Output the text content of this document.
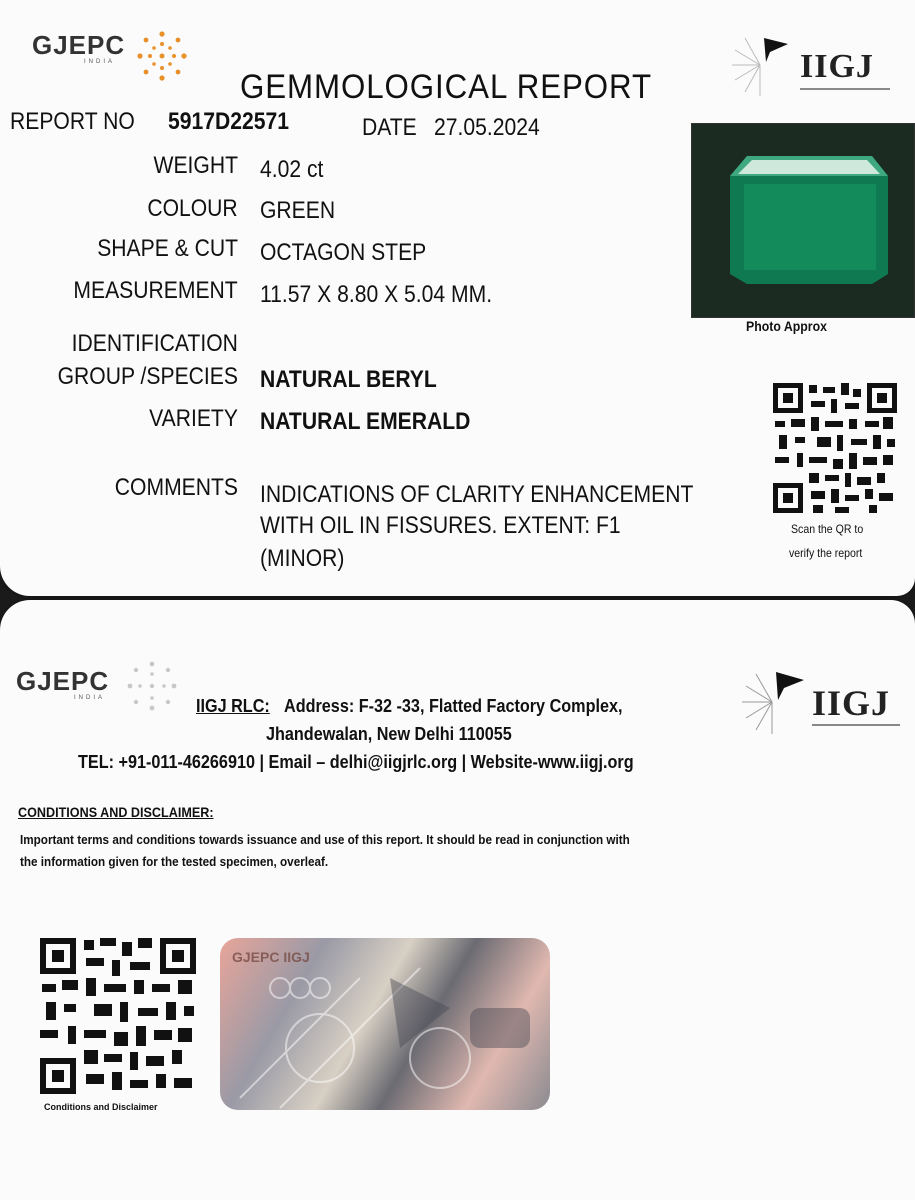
GJEPC
INDIA	IIGJ
GEMMOLOGICAL REPORT
REPORT NO 5917D22571	DATE 27.05.2024
WEIGHT 4.02 ct
COLOUR GREEN
SHAPE & CUT OCTAGON STEP
MEASUREMENT 11.57 X 8.80 X 5.04 MM.
IDENTIFICATION
GROUP /SPECIES NATURAL BERYL
VARIETY NATURAL EMERALD
COMMENTS INDICATIONS OF CLARITY ENHANCEMENT
WITH OIL IN FISSURES. EXTENT: F1
(MINOR)
Photo Approx
Scan the QR to
verify the report
GJEPC
INDIA	IIGJ
IIGJ RLC: Address: F-32 -33, Flatted Factory Complex,
Jhandewalan, New Delhi 110055
TEL: +91-011-46266910 | Email – delhi@iigjrlc.org | Website-www.iigj.org
CONDITIONS AND DISCLAIMER:
Important terms and conditions towards issuance and use of this report. It should be read in conjunction with
the information given for the tested specimen, overleaf.
Conditions and Disclaimer
GJEPC IIGJ
